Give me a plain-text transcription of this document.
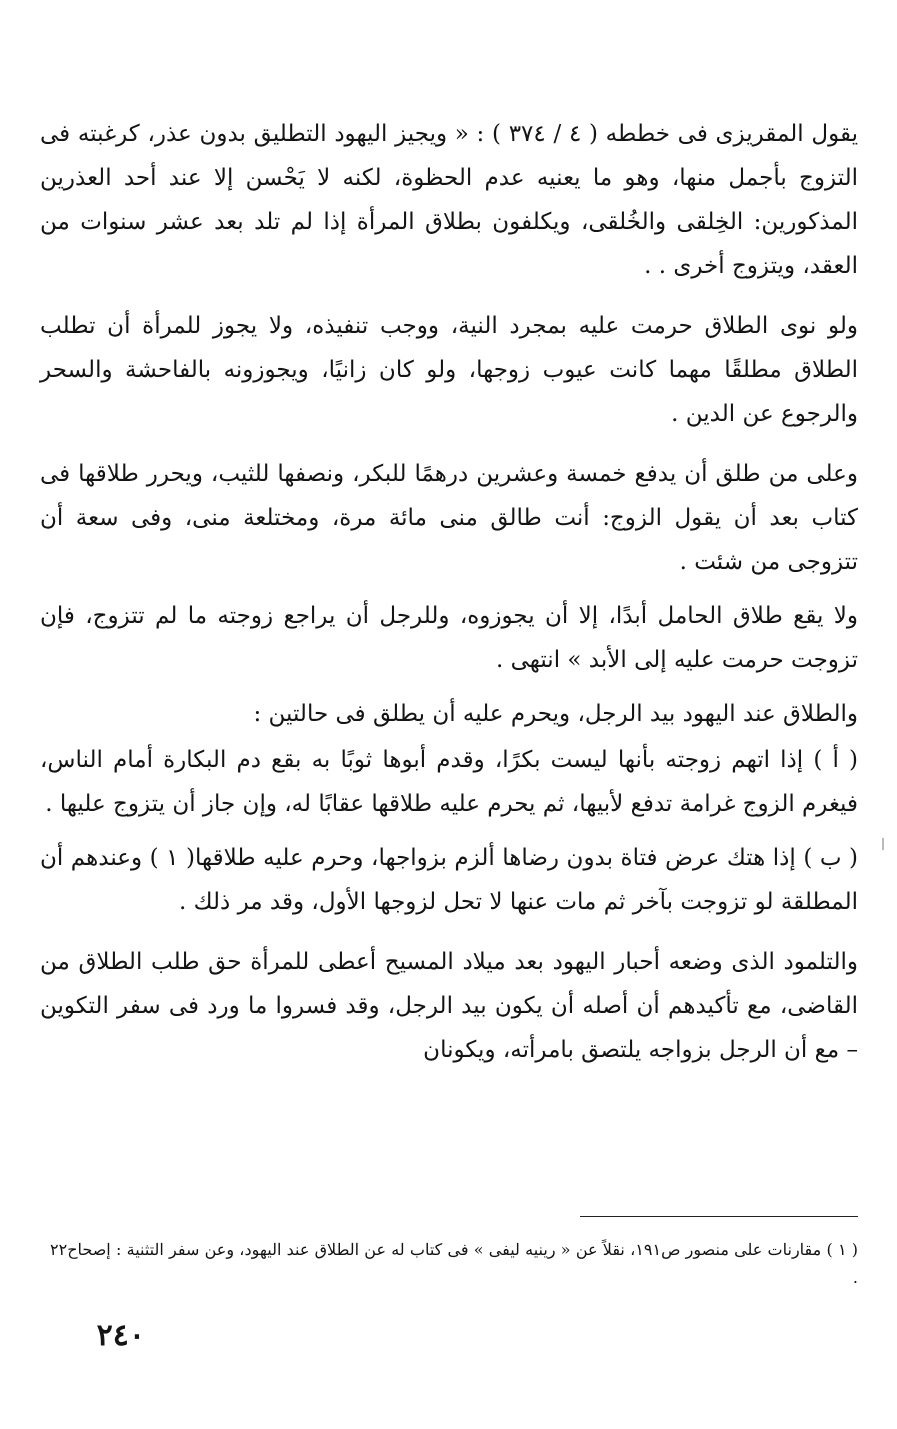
يقول المقريزى فى خططه ( ٤ / ٣٧٤ ) : « ويجيز اليهود التطليق بدون عذر، كرغبته فى التزوج بأجمل منها، وهو ما يعنيه عدم الحظوة، لكنه لا يَحْسن إلا عند أحد العذرين المذكورين: الخِلقى والخُلقى، ويكلفون بطلاق المرأة إذا لم تلد بعد عشر سنوات من العقد، ويتزوج أخرى . .

ولو نوى الطلاق حرمت عليه بمجرد النية، ووجب تنفيذه، ولا يجوز للمرأة أن تطلب الطلاق مطلقًا مهما كانت عيوب زوجها، ولو كان زانيًا، ويجوزونه بالفاحشة والسحر والرجوع عن الدين .

وعلى من طلق أن يدفع خمسة وعشرين درهمًا للبكر، ونصفها للثيب، ويحرر طلاقها فى كتاب بعد أن يقول الزوج: أنت طالق منى مائة مرة، ومختلعة منى، وفى سعة أن تتزوجى من شئت .

ولا يقع طلاق الحامل أبدًا، إلا أن يجوزوه، وللرجل أن يراجع زوجته ما لم تتزوج، فإن تزوجت حرمت عليه إلى الأبد » انتهى .

والطلاق عند اليهود بيد الرجل، ويحرم عليه أن يطلق فى حالتين :

( أ ) إذا اتهم زوجته بأنها ليست بكرًا، وقدم أبوها ثوبًا به بقع دم البكارة أمام الناس، فيغرم الزوج غرامة تدفع لأبيها، ثم يحرم عليه طلاقها عقابًا له، وإن جاز أن يتزوج عليها .

( ب ) إذا هتك عرض فتاة بدون رضاها ألزم بزواجها، وحرم عليه طلاقها( ١ ) وعندهم أن المطلقة لو تزوجت بآخر ثم مات عنها لا تحل لزوجها الأول، وقد مر ذلك .

والتلمود الذى وضعه أحبار اليهود بعد ميلاد المسيح أعطى للمرأة حق طلب الطلاق من القاضى، مع تأكيدهم أن أصله أن يكون بيد الرجل، وقد فسروا ما ورد فى سفر التكوين – مع أن الرجل بزواجه يلتصق بامرأته، ويكونان

( ١ ) مقارنات على منصور ص١٩١، نقلاً عن « رينيه ليفى » فى كتاب له عن الطلاق عند اليهود، وعن سفر التثنية : إصحاح٢٢ .

٢٤٠
